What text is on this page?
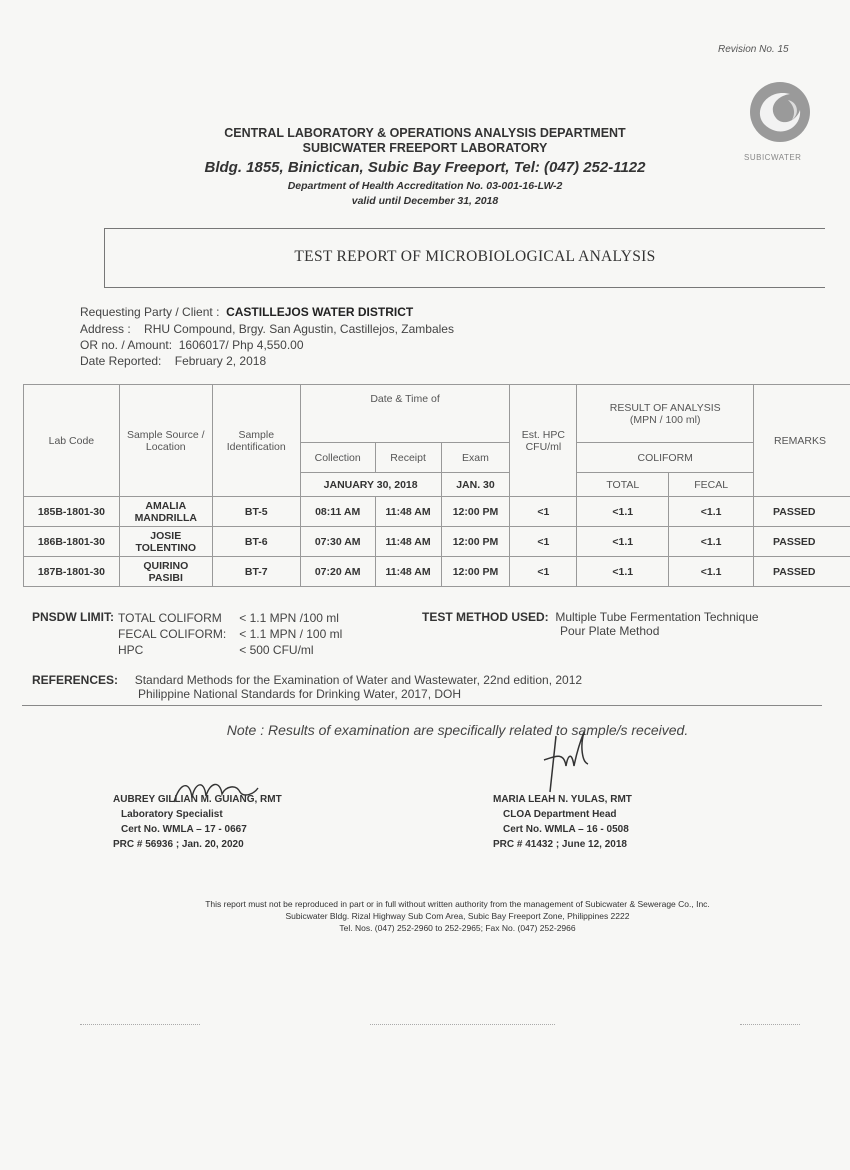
Revision No. 15
SUBICWATER
CENTRAL LABORATORY & OPERATIONS ANALYSIS DEPARTMENT
SUBICWATER FREEPORT LABORATORY
Bldg. 1855, Binictican, Subic Bay Freeport, Tel: (047) 252-1122
Department of Health Accreditation No. 03-001-16-LW-2
valid until December 31, 2018
TEST REPORT OF MICROBIOLOGICAL ANALYSIS
Requesting Party / Client : CASTILLEJOS WATER DISTRICT
Address : RHU Compound, Brgy. San Agustin, Castillejos, Zambales
OR no. / Amount: 1606017/ Php 4,550.00
Date Reported: February 2, 2018
Lab Code	Sample Source / Location	Sample Identification	Date & Time of			Est. HPC CFU/ml	RESULT OF ANALYSIS (MPN / 100 ml)		REMARKS
			Collection	Receipt	Exam		COLIFORM		
			JANUARY 30, 2018		JAN. 30		TOTAL	FECAL	
185B-1801-30	AMALIA MANDRILLA	BT-5	08:11 AM	11:48 AM	12:00 PM	<1	<1.1	<1.1	PASSED
186B-1801-30	JOSIE TOLENTINO	BT-6	07:30 AM	11:48 AM	12:00 PM	<1	<1.1	<1.1	PASSED
187B-1801-30	QUIRINO PASIBI	BT-7	07:20 AM	11:48 AM	12:00 PM	<1	<1.1	<1.1	PASSED
PNSDW LIMIT:	TOTAL COLIFORM	< 1.1 MPN /100 ml
	FECAL COLIFORM:	< 1.1 MPN / 100 ml
	HPC	< 500 CFU/ml
TEST METHOD USED: Multiple Tube Fermentation Technique
Pour Plate Method
REFERENCES: Standard Methods for the Examination of Water and Wastewater, 22nd edition, 2012
Philippine National Standards for Drinking Water, 2017, DOH
Note : Results of examination are specifically related to sample/s received.
AUBREY GILLIAN M. GUIANG, RMT
Laboratory Specialist
Cert No. WMLA – 17 - 0667
PRC # 56936 ; Jan. 20, 2020
MARIA LEAH N. YULAS, RMT
CLOA Department Head
Cert No. WMLA – 16 - 0508
PRC # 41432 ; June 12, 2018
This report must not be reproduced in part or in full without written authority from the management of Subicwater & Sewerage Co., Inc.
Subicwater Bldg. Rizal Highway Sub Com Area, Subic Bay Freeport Zone, Philippines 2222
Tel. Nos. (047) 252-2960 to 252-2965; Fax No. (047) 252-2966
